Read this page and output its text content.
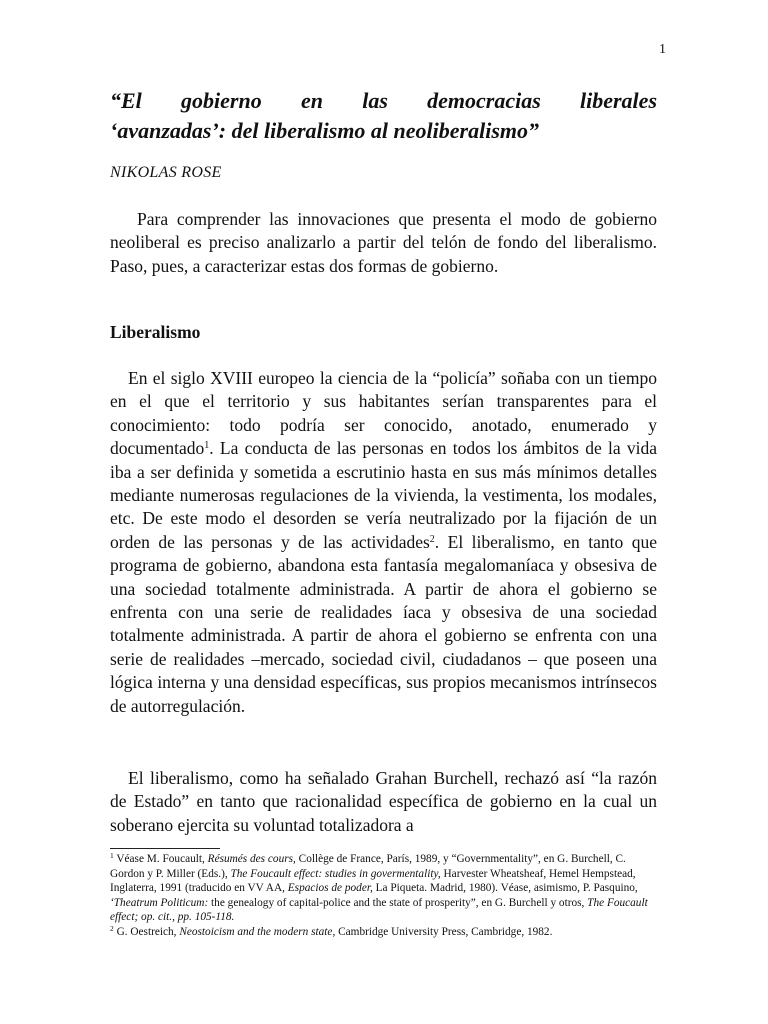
1
“El gobierno en las democracias liberales
‘avanzadas’: del liberalismo al neoliberalismo”
NIKOLAS ROSE

Para comprender las innovaciones que presenta el modo de gobierno neoliberal es preciso analizarlo a partir del telón de fondo del liberalismo. Paso, pues, a caracterizar estas dos formas de gobierno.

Liberalismo

En el siglo XVIII europeo la ciencia de la “policía” soñaba con un tiempo en el que el territorio y sus habitantes serían transparentes para el conocimiento: todo podría ser conocido, anotado, enumerado y documentado$^1$. La conducta de las personas en todos los ámbitos de la vida iba a ser definida y sometida a escrutinio hasta en sus más mínimos detalles mediante numerosas regulaciones de la vivienda, la vestimenta, los modales, etc. De este modo el desorden se vería neutralizado por la fijación de un orden de las personas y de las actividades$^2$. El liberalismo, en tanto que programa de gobierno, abandona esta fantasía megalomaníaca y obsesiva de una sociedad totalmente administrada. A partir de ahora el gobierno se enfrenta con una serie de realidades íaca y obsesiva de una sociedad totalmente administrada. A partir de ahora el gobierno se enfrenta con una serie de realidades –mercado, sociedad civil, ciudadanos – que poseen una lógica interna y una densidad específicas, sus propios mecanismos intrínsecos de autorregulación.

El liberalismo, como ha señalado Grahan Burchell, rechazó así “la razón de Estado” en tanto que racionalidad específica de gobierno en la cual un soberano ejercita su voluntad totalizadora a

$^1$ Véase M. Foucault, Résumés des cours, Collège de France, París, 1989, y “Governmentality”, en G. Burchell, C. Gordon y P. Miller (Eds.), The Foucault effect: studies in govermentality, Harvester Wheatsheaf, Hemel Hempstead, Inglaterra, 1991 (traducido en VV AA, Espacios de poder, La Piqueta. Madrid, 1980). Véase, asimismo, P. Pasquino, ‘Theatrum Politicum: the genealogy of capital-police and the state of prosperity”, en G. Burchell y otros, The Foucault effect; op. cit., pp. 105-118.

$^2$ G. Oestreich, Neostoicism and the modern state, Cambridge University Press, Cambridge, 1982.
